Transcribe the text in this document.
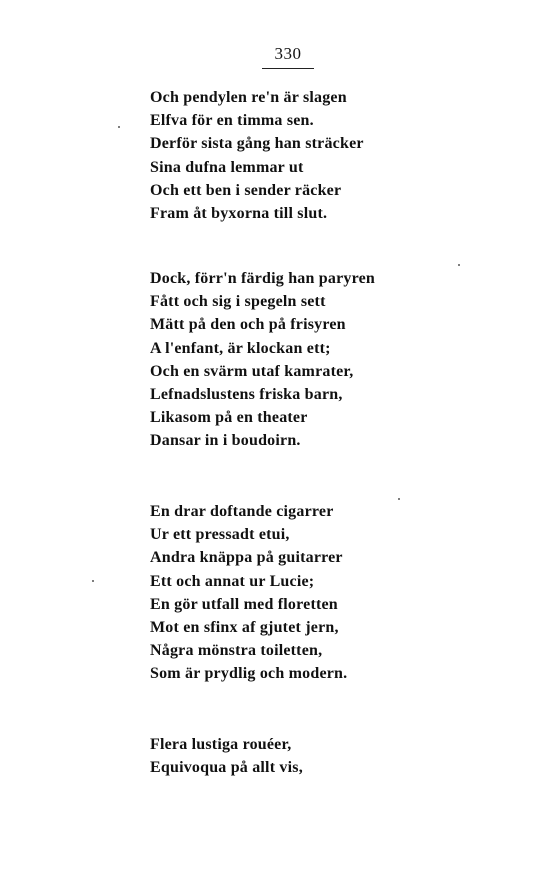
330
Och pendylen re'n är slagen
Elfva för en timma sen.
Derför sista gång han sträcker
Sina dufna lemmar ut
Och ett ben i sender räcker
Fram åt byxorna till slut.
Dock, förr'n färdig han paryren
Fått och sig i spegeln sett
Mätt på den och på frisyren
A l'enfant, är klockan ett;
Och en svärm utaf kamrater,
Lefnadslustens friska barn,
Likasom på en theater
Dansar in i boudoirn.
En drar doftande cigarrer
Ur ett pressadt etui,
Andra knäppa på guitarrer
Ett och annat ur Lucie;
En gör utfall med floretten
Mot en sfinx af gjutet jern,
Några mönstra toiletten,
Som är prydlig och modern.
Flera lustiga rouéer,
Equivoqua på allt vis,
